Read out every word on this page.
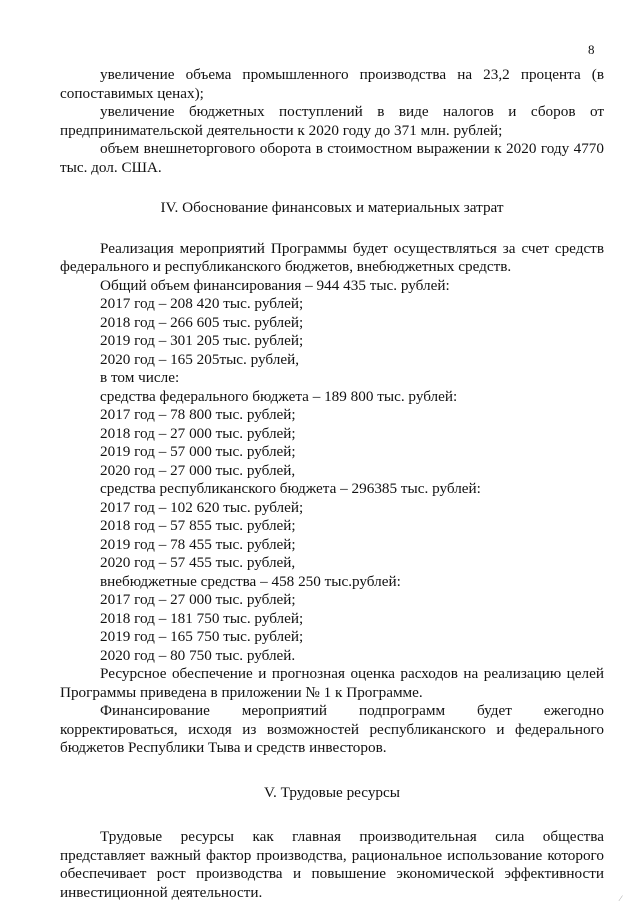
8

увеличение объема промышленного производства на 23,2 процента (в сопоставимых ценах);

увеличение бюджетных поступлений в виде налогов и сборов от предпринимательской деятельности к 2020 году до 371 млн. рублей;

объем внешнеторгового оборота в стоимостном выражении к 2020 году 4770 тыс. дол. США.

IV. Обоснование финансовых и материальных затрат

Реализация мероприятий Программы будет осуществляться за счет средств федерального и республиканского бюджетов, внебюджетных средств.

Общий объем финансирования – 944 435 тыс. рублей:

2017 год – 208 420 тыс. рублей;

2018 год – 266 605 тыс. рублей;

2019 год – 301 205 тыс. рублей;

2020 год – 165 205тыс. рублей,

в том числе:

средства федерального бюджета – 189 800 тыс. рублей:

2017 год – 78 800 тыс. рублей;

2018 год – 27 000 тыс. рублей;

2019 год – 57 000 тыс. рублей;

2020 год – 27 000 тыс. рублей,

средства республиканского бюджета – 296385 тыс. рублей:

2017 год – 102 620 тыс. рублей;

2018 год – 57 855 тыс. рублей;

2019 год – 78 455 тыс. рублей;

2020 год – 57 455 тыс. рублей,

внебюджетные средства – 458 250 тыс.рублей:

2017 год – 27 000 тыс. рублей;

2018 год – 181 750 тыс. рублей;

2019 год – 165 750 тыс. рублей;

2020 год – 80 750 тыс. рублей.

Ресурсное обеспечение и прогнозная оценка расходов на реализацию целей Программы приведена в приложении № 1 к Программе.

Финансирование мероприятий подпрограмм будет ежегодно корректироваться, исходя из возможностей республиканского и федерального бюджетов Республики Тыва и средств инвесторов.

V. Трудовые ресурсы

Трудовые ресурсы как главная производительная сила общества представляет важный фактор производства, рациональное использование которого обеспечивает рост производства и повышение экономической эффективности инвестиционной деятельности.	⁄
